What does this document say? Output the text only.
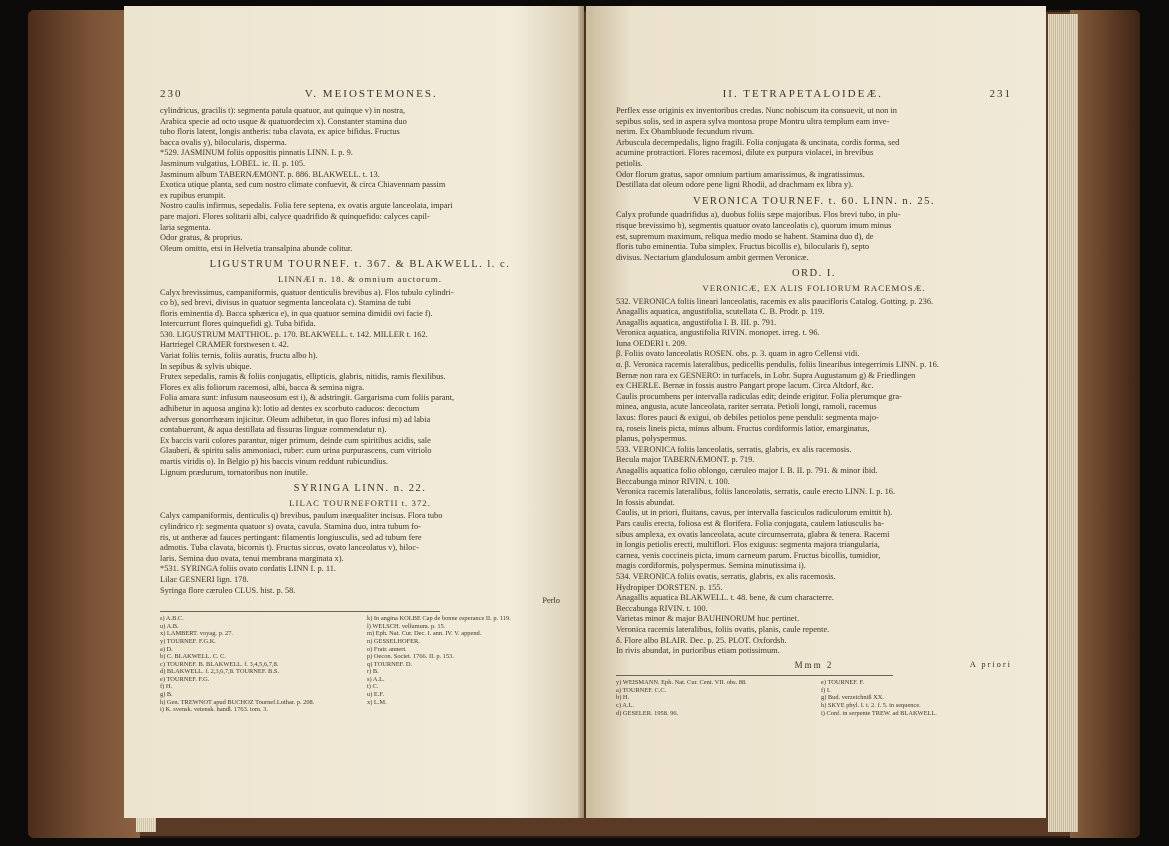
230	V. MEIOSTEMONES.
cylindricus, gracilis t): segmenta patula quatuor, aut quinque v) in nostra,
Arabica specie ad octo usque & quatuordecim x). Constanter stamina duo
tubo floris latent, longis antheris: tuba clavata, ex apice bifidus. Fructus
bacca ovalis y), bilocularis, disperma.
*529. JASMINUM foliis oppositis pinnatis LINN. I. p. 9.
Jasminum vulgatius, LOBEL. ic. II. p. 105.
Jasminum album TABERNÆMONT. p. 886. BLAKWELL. t. 13.
Exotica utique planta, sed cum nostro climate confuevit, & circa Chiavennam passim
ex rupibus erumpit.
Nostro caulis infirmus, sepedalis. Folia fere septena, ex ovatis argute lanceolata, impari
pare majori. Flores solitarii albi, calyce quadrifido & quinquefido: calyces capil-
laria segmenta.
Odor gratus, & proprius.
Oleum omitto, etsi in Helvetia transalpina abunde colitur.
LIGUSTRUM TOURNEF. t. 367. & BLAKWELL. l. c.
LINNÆI n. 18. & omnium auctorum.
Calyx brevissimus, campaniformis, quatuor denticulis brevibus a). Flos tubulo cylindri-
co b), sed brevi, divisus in quatuor segmenta lanceolata c). Stamina de tubi
floris eminentia d). Bacca sphærica e), in qua quatuor semina dimidii ovi facie f).
Intercurrunt flores quinquefidi g). Tuba bifida.
530. LIGUSTRUM MATTHIOL. p. 170. BLAKWELL. t. 142. MILLER t. 162.
Hartriegel CRAMER forstwesen t. 42.
Variat foliis ternis, foliis auratis, fructu albo h).
In sepibus & sylvis ubique.
Frutex sepedalis, ramis & foliis conjugatis, ellipticis, glabris, nitidis, ramis flexilibus.
Flores ex alis foliorum racemosi, albi, bacca & semina nigra.
Folia amara sunt: infusum nauseosum est i), & adstringit. Gargarisma cum foliis parant,
adhibetur in aquosa angina k): lotio ad dentes ex scorbuto caducos: decoctum
adversus gonorrhœam injicitur. Oleum adhibetur, in quo flores infusi m) ad labia
contabuerunt, & aqua destillata ad fissuras linguæ commendatur n).
Ex baccis varii colores parantur, niger primum, deinde cum spiritibus acidis, sale
Glauberi, & spiritu salis ammoniaci, ruber: cum urina purpurascens, cum vitriolo
martis viridis o). In Belgio p) his baccis vinum reddunt rubicundius.
Lignum prædurum, tornatoribus non inutile.
SYRINGA LINN. n. 22.
LILAC TOURNEFORTII t. 372.
Calyx campaniformis, denticulis q) brevibus, paulum inæqualiter incisus. Flora tubo
cylindrico r): segmenta quatuor s) ovata, cavula. Stamina duo, intra tubum fo-
ris, ut antheræ ad fauces pertingant: filamentis longiusculis, sed ad tubum fere
admotis. Tuba clavata, bicornis t). Fructus siccus, ovato lanceolatus v), biloc-
laris. Semina duo ovata, tenui membrana marginata x).
*531. SYRINGA foliis ovato cordatis LINN I. p. 11.
Lilac GESNERI lign. 178.
Syringa flore cæruleo CLUS. hist. p. 58.
Perlo
s) A.B.C.
u) A.B.
x) LAMBERT. voyag. p. 27.
y) TOURNEF. F.G.K.
a) D.
b) C. BLAKWELL. C. C.
c) TOURNEF. B. BLAKWELL. f. 3,4,5,6,7,8.
d) BLAKWELL. f. 2,3,6,7,8. TOURNEF. B.S.
e) TOURNEF. F.G.
f) H.
g) B.
h) Gen. TREWNOT apud BUCHOZ Tournef.Lothar. p. 208.
i) K. svensk. vetensk. handl. 1763. tom. 3.
k) In angina KOLBE Cap de bonne esperance II. p. 119.
l) WELSCH. vellumum. p. 15.
m) Eph. Nat. Cur. Dec. I. ann. IV. V. append.
n) GESSELHOFER.
o) Fratr. annert.
p) Oecon. Societ. 1766. II. p. 153.
q) TOURNEF. D.
r) B.
s) A.L.
t) C.
u) E.F.
x) L.M.
II. TETRAPETALOIDEÆ.	231
Perflex esse originis ex inventoribus credas. Nunc nobiscum ita consuevit, ut non in
sepibus solis, sed in aspera sylva montosa prope Montru ultra templum eam inve-
nerim. Ex Obambluode fecundum rivum.
Arbuscula decempedalis, ligno fragili. Folia conjugata & uncinata, cordis forma, sed
acumine protractiori. Flores racemosi, dilute ex purpura violacei, in brevibus
petiolis.
Odor florum gratus, sapor omnium partium amarissimus, & ingratissimus.
Destillata dat oleum odore pene ligni Rhodii, ad drachmam ex libra y).
VERONICA TOURNEF. t. 60. LINN. n. 25.
Calyx profunde quadrifidus a), duobus foliis sæpe majoribus. Flos brevi tubo, in plu-
risque brevissimo b), segmentis quatuor ovato lanceolatis c), quorum imum minus
est, supremum maximum, reliqua medio modo se habent. Stamina duo d), de
floris tubo eminentia. Tuba simplex. Fructus bicollis e), bilocularis f), septo
divisus. Nectarium glandulosum ambit germen Veronicæ.
ORD. I.
VERONICÆ, EX ALIS FOLIORUM RACEMOSÆ.
532. VERONICA foliis lineari lanceolatis, racemis ex alis paucifloris Catalog. Gotting. p. 236.
Anagallis aquatica, angustifolia, scutellata C. B. Prodr. p. 119.
Anagallis aquatica, angustifolia I. B. III. p. 791.
Veronica aquatica, angustifolia RIVIN. monopet. irreg. t. 96.
Iuna OEDERI t. 209.
β. Foliis ovato lanceolatis ROSEN. obs. p. 3. quam in agro Cellensi vidi.
α. β. Veronica racemis lateralibus, pedicellis pendulis, foliis linearibus integerrimis LINN. p. 16.
Bernæ non rara ex GESNERO: in turfacels, in Lobr. Supra Augustanum g) & Friedlingen
ex CHERLE. Bernæ in fossis austro Pangart prope lacum. Circa Altdorf, &c.
Caulis procumbens per intervalla radiculas edit; deinde erigitur. Folia plerumque gra-
minea, angusta, acute lanceolata, rariter serrata. Petioli longi, ramoli, racemus
laxus: flores pauci & exigui, ob debiles petiolos pene penduli: segmenta majo-
ra, roseis lineis picta, minus album. Fructus cordiformis latior, emarginatus,
planus, polyspermus.
533. VERONICA foliis lanceolatis, serratis, glabris, ex alis racemosis.
Becula major TABERNÆMONT. p. 719.
Anagallis aquatica folio oblongo, cæruleo major I. B. II. p. 791. & minor ibid.
Beccabunga minor RIVIN. t. 100.
Veronica racemis lateralibus, foliis lanceolatis, serratis, caule erecto LINN. I. p. 16.
In fossis abundat.
Caulis, ut in priori, fluitans, cavus, per intervalla fasciculos radiculorum emittit h).
Pars caulis erecta, foliosa est & florifera. Folia conjugata, caulem latiusculis ba-
sibus amplexa, ex ovatis lanceolata, acute circumserrata, glabra & tenera. Racemi
in longis petiolis erecti, multiflori. Flos exiguus: segmenta majora triangularia,
carnea, venis coccineis picta, imum carneum parum. Fructus bicollis, tumidior,
magis cordiformis, polyspermus. Semina minutissima i).
534. VERONICA foliis ovatis, serratis, glabris, ex alis racemosis.
Hydropiper DORSTEN. p. 155.
Anagallis aquatica BLAKWELL. t. 48. bene, & cum characterre.
Beccabunga RIVIN. t. 100.
Varietas minor & major BAUHINORUM huc pertinet.
Veronica racemis lateralibus, foliis ovatis, planis, caule repente.
δ. Flore albo BLAIR. Dec. p. 25. PLOT. Oxfordsh.
In rivis abundat, in purioribus etiam potissimum.
Mmm 2	A priori
y) WEISMANN. Eph. Nat. Cur. Cent. VII. obs. 88.
a) TOURNEF. C.C.
b) H.
c) A.L.
d) GESELER. 1958. 96.
e) TOURNEF. F.
f) I.
g) Bud. verzeichniß XX.
h) SKYE phyl. I. t. 2. f. 5. in sequence.
i) Conf. in serpente TREW. ad BLAKWELL.
